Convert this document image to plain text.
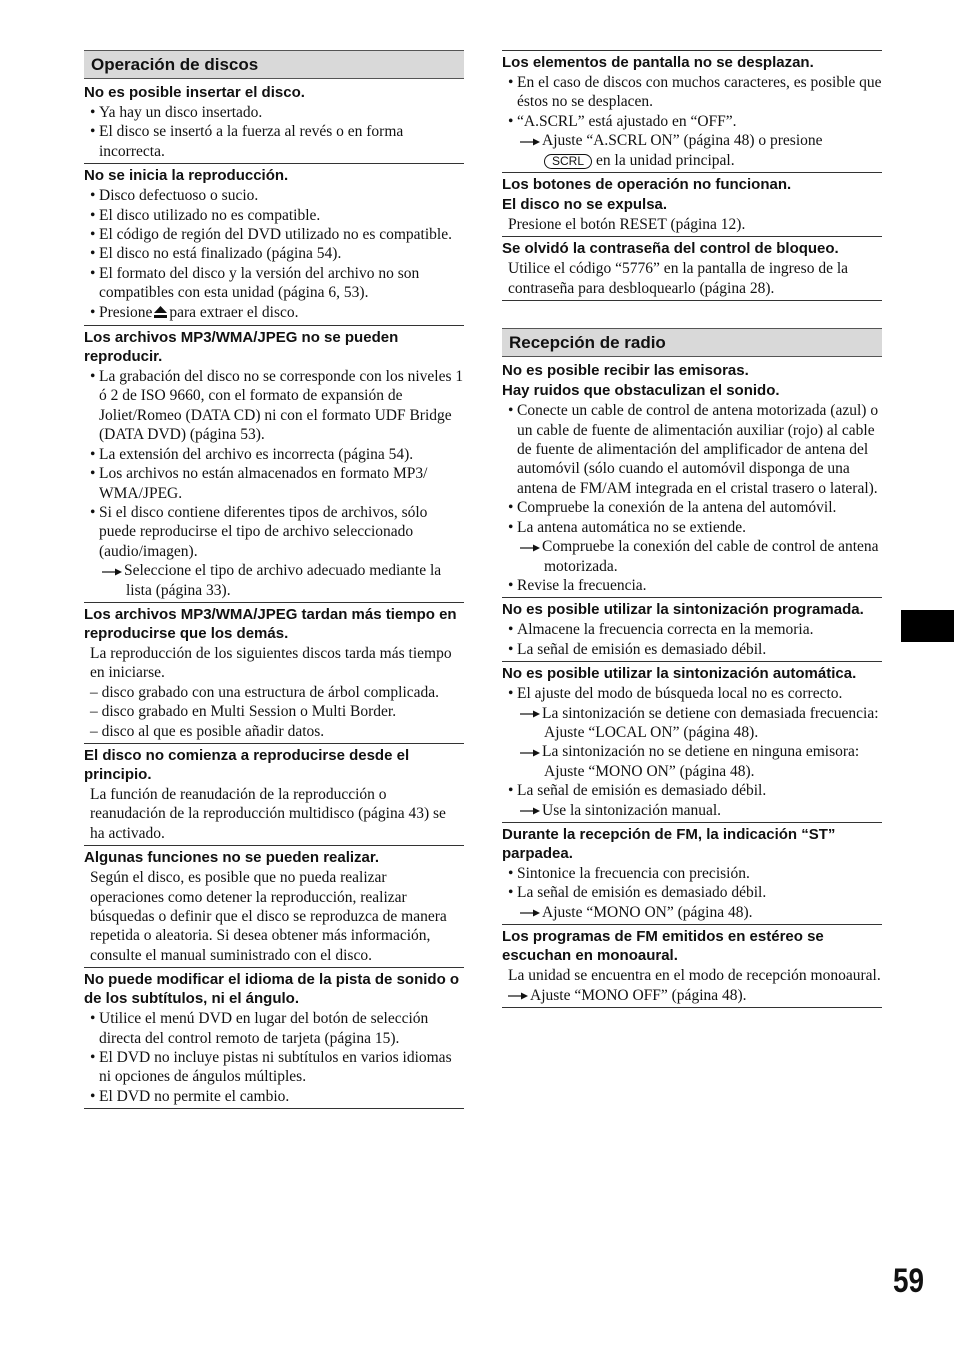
Operación de discos
No es posible insertar el disco.
• Ya hay un disco insertado.
• El disco se insertó a la fuerza al revés o en forma incorrecta.
No se inicia la reproducción.
• Disco defectuoso o sucio.
• El disco utilizado no es compatible.
• El código de región del DVD utilizado no es compatible.
• El disco no está finalizado (página 54).
• El formato del disco y la versión del archivo no son compatibles con esta unidad (página 6, 53).
• Presione para extraer el disco.
Los archivos MP3/WMA/JPEG no se pueden reproducir.
• La grabación del disco no se corresponde con los niveles 1 ó 2 de ISO 9660, con el formato de expansión de Joliet/Romeo (DATA CD) ni con el formato UDF Bridge (DATA DVD) (página 53).
• La extensión del archivo es incorrecta (página 54).
• Los archivos no están almacenados en formato MP3/ WMA/JPEG.
• Si el disco contiene diferentes tipos de archivos, sólo puede reproducirse el tipo de archivo seleccionado (audio/imagen).
Seleccione el tipo de archivo adecuado mediante la lista (página 33).
Los archivos MP3/WMA/JPEG tardan más tiempo en reproducirse que los demás.
La reproducción de los siguientes discos tarda más tiempo en iniciarse.
– disco grabado con una estructura de árbol complicada.
– disco grabado en Multi Session o Multi Border.
– disco al que es posible añadir datos.
El disco no comienza a reproducirse desde el principio.
La función de reanudación de la reproducción o reanudación de la reproducción multidisco (página 43) se ha activado.
Algunas funciones no se pueden realizar.
Según el disco, es posible que no pueda realizar operaciones como detener la reproducción, realizar búsquedas o definir que el disco se reproduzca de manera repetida o aleatoria. Si desea obtener más información, consulte el manual suministrado con el disco.
No puede modificar el idioma de la pista de sonido o de los subtítulos, ni el ángulo.
• Utilice el menú DVD en lugar del botón de selección directa del control remoto de tarjeta (página 15).
• El DVD no incluye pistas ni subtítulos en varios idiomas ni opciones de ángulos múltiples.
• El DVD no permite el cambio.
Los elementos de pantalla no se desplazan.
• En el caso de discos con muchos caracteres, es posible que éstos no se desplacen.
• “A.SCRL” está ajustado en “OFF”.
Ajuste “A.SCRL ON” (página 48) o presione
SCRL en la unidad principal.
Los botones de operación no funcionan.
El disco no se expulsa.
Presione el botón RESET (página 12).
Se olvidó la contraseña del control de bloqueo.
Utilice el código “5776” en la pantalla de ingreso de la contraseña para desbloquearlo (página 28).
Recepción de radio
No es posible recibir las emisoras.
Hay ruidos que obstaculizan el sonido.
• Conecte un cable de control de antena motorizada (azul) o un cable de fuente de alimentación auxiliar (rojo) al cable de fuente de alimentación del amplificador de antena del automóvil (sólo cuando el automóvil disponga de una antena de FM/AM integrada en el cristal trasero o lateral).
• Compruebe la conexión de la antena del automóvil.
• La antena automática no se extiende.
Compruebe la conexión del cable de control de antena motorizada.
• Revise la frecuencia.
No es posible utilizar la sintonización programada.
• Almacene la frecuencia correcta en la memoria.
• La señal de emisión es demasiado débil.
No es posible utilizar la sintonización automática.
• El ajuste del modo de búsqueda local no es correcto.
La sintonización se detiene con demasiada frecuencia:
Ajuste “LOCAL ON” (página 48).
La sintonización no se detiene en ninguna emisora:
Ajuste “MONO ON” (página 48).
• La señal de emisión es demasiado débil.
Use la sintonización manual.
Durante la recepción de FM, la indicación “ST” parpadea.
• Sintonice la frecuencia con precisión.
• La señal de emisión es demasiado débil.
Ajuste “MONO ON” (página 48).
Los programas de FM emitidos en estéreo se escuchan en monoaural.
La unidad se encuentra en el modo de recepción monoaural.
Ajuste “MONO OFF” (página 48).
59
